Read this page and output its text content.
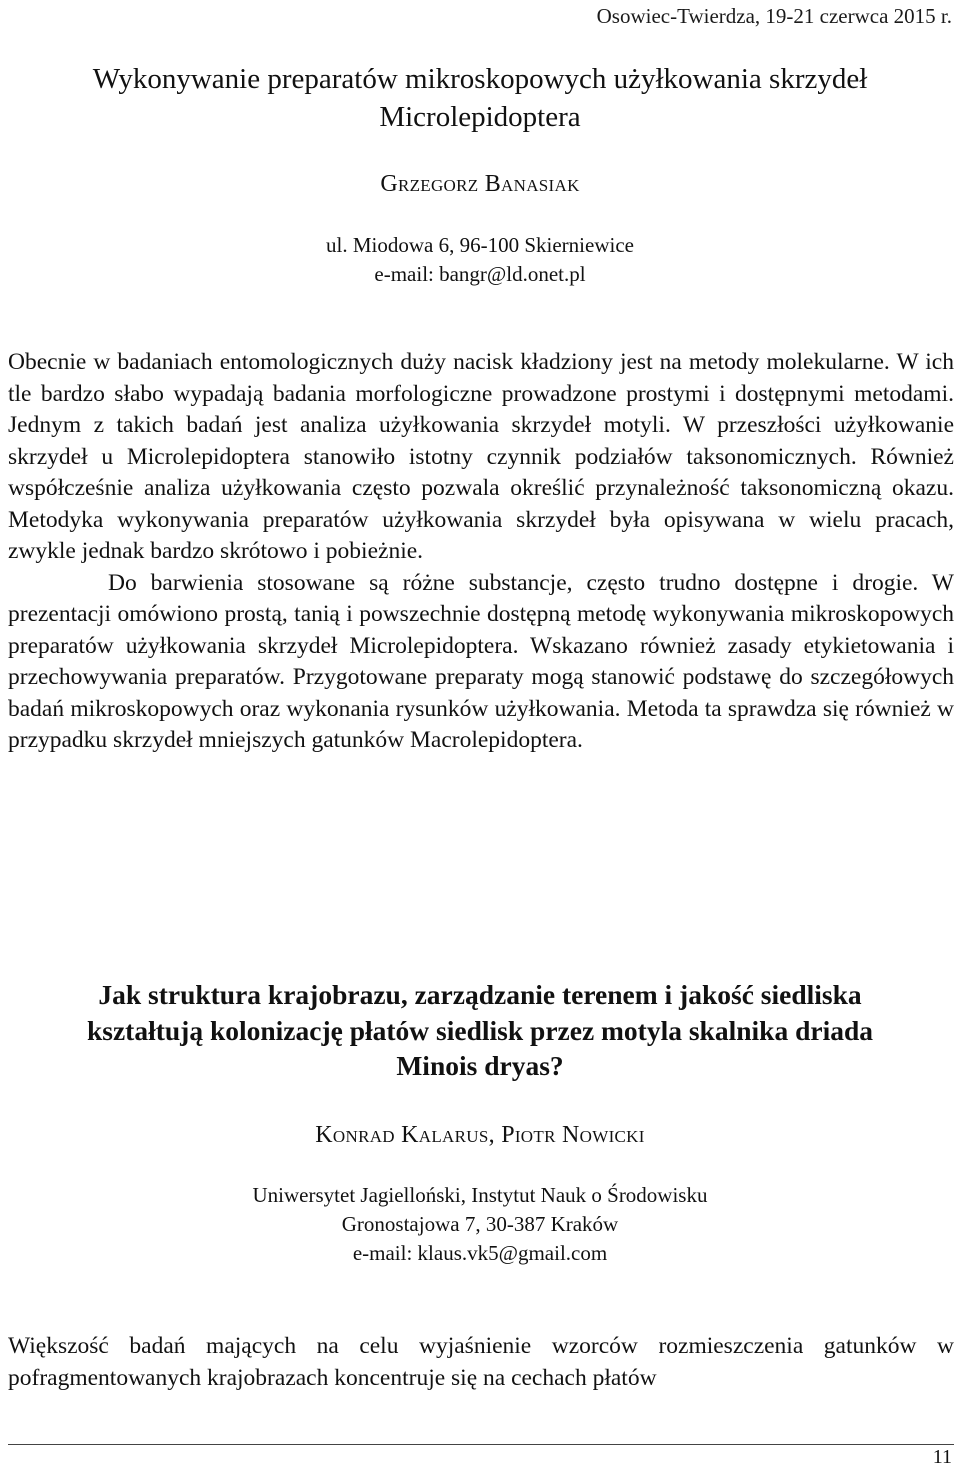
Osowiec-Twierdza, 19-21 czerwca 2015 r.
Wykonywanie preparatów mikroskopowych użyłkowania skrzydeł
Microlepidoptera
Grzegorz Banasiak
ul. Miodowa 6, 96-100 Skierniewice
e-mail: bangr@ld.onet.pl

Obecnie w badaniach entomologicznych duży nacisk kładziony jest na metody molekularne. W ich tle bardzo słabo wypadają badania morfologiczne prowadzone prostymi i dostępnymi metodami. Jednym z takich badań jest analiza użyłkowania skrzydeł motyli. W przeszłości użyłkowanie skrzydeł u Microlepidoptera stanowiło istotny czynnik podziałów taksonomicznych. Również współcześnie analiza użyłkowania często pozwala określić przynależność taksonomiczną okazu. Metodyka wykonywania preparatów użyłkowania skrzydeł była opisywana w wielu pracach, zwykle jednak bardzo skrótowo i pobieżnie.

Do barwienia stosowane są różne substancje, często trudno dostępne i drogie. W prezentacji omówiono prostą, tanią i powszechnie dostępną metodę wykonywania mikroskopowych preparatów użyłkowania skrzydeł Microlepidoptera. Wskazano również zasady etykietowania i przechowywania preparatów. Przygotowane preparaty mogą stanowić podstawę do szczegółowych badań mikroskopowych oraz wykonania rysunków użyłkowania. Metoda ta sprawdza się również w przypadku skrzydeł mniejszych gatunków Macrolepidoptera.

Jak struktura krajobrazu, zarządzanie terenem i jakość siedliska
kształtują kolonizację płatów siedlisk przez motyla skalnika driada
Minois dryas?
Konrad Kalarus, Piotr Nowicki
Uniwersytet Jagielloński, Instytut Nauk o Środowisku
Gronostajowa 7, 30-387 Kraków
e-mail: klaus.vk5@gmail.com

Większość badań mających na celu wyjaśnienie wzorców rozmieszczenia gatunków w pofragmentowanych krajobrazach koncentruje się na cechach płatów

11
